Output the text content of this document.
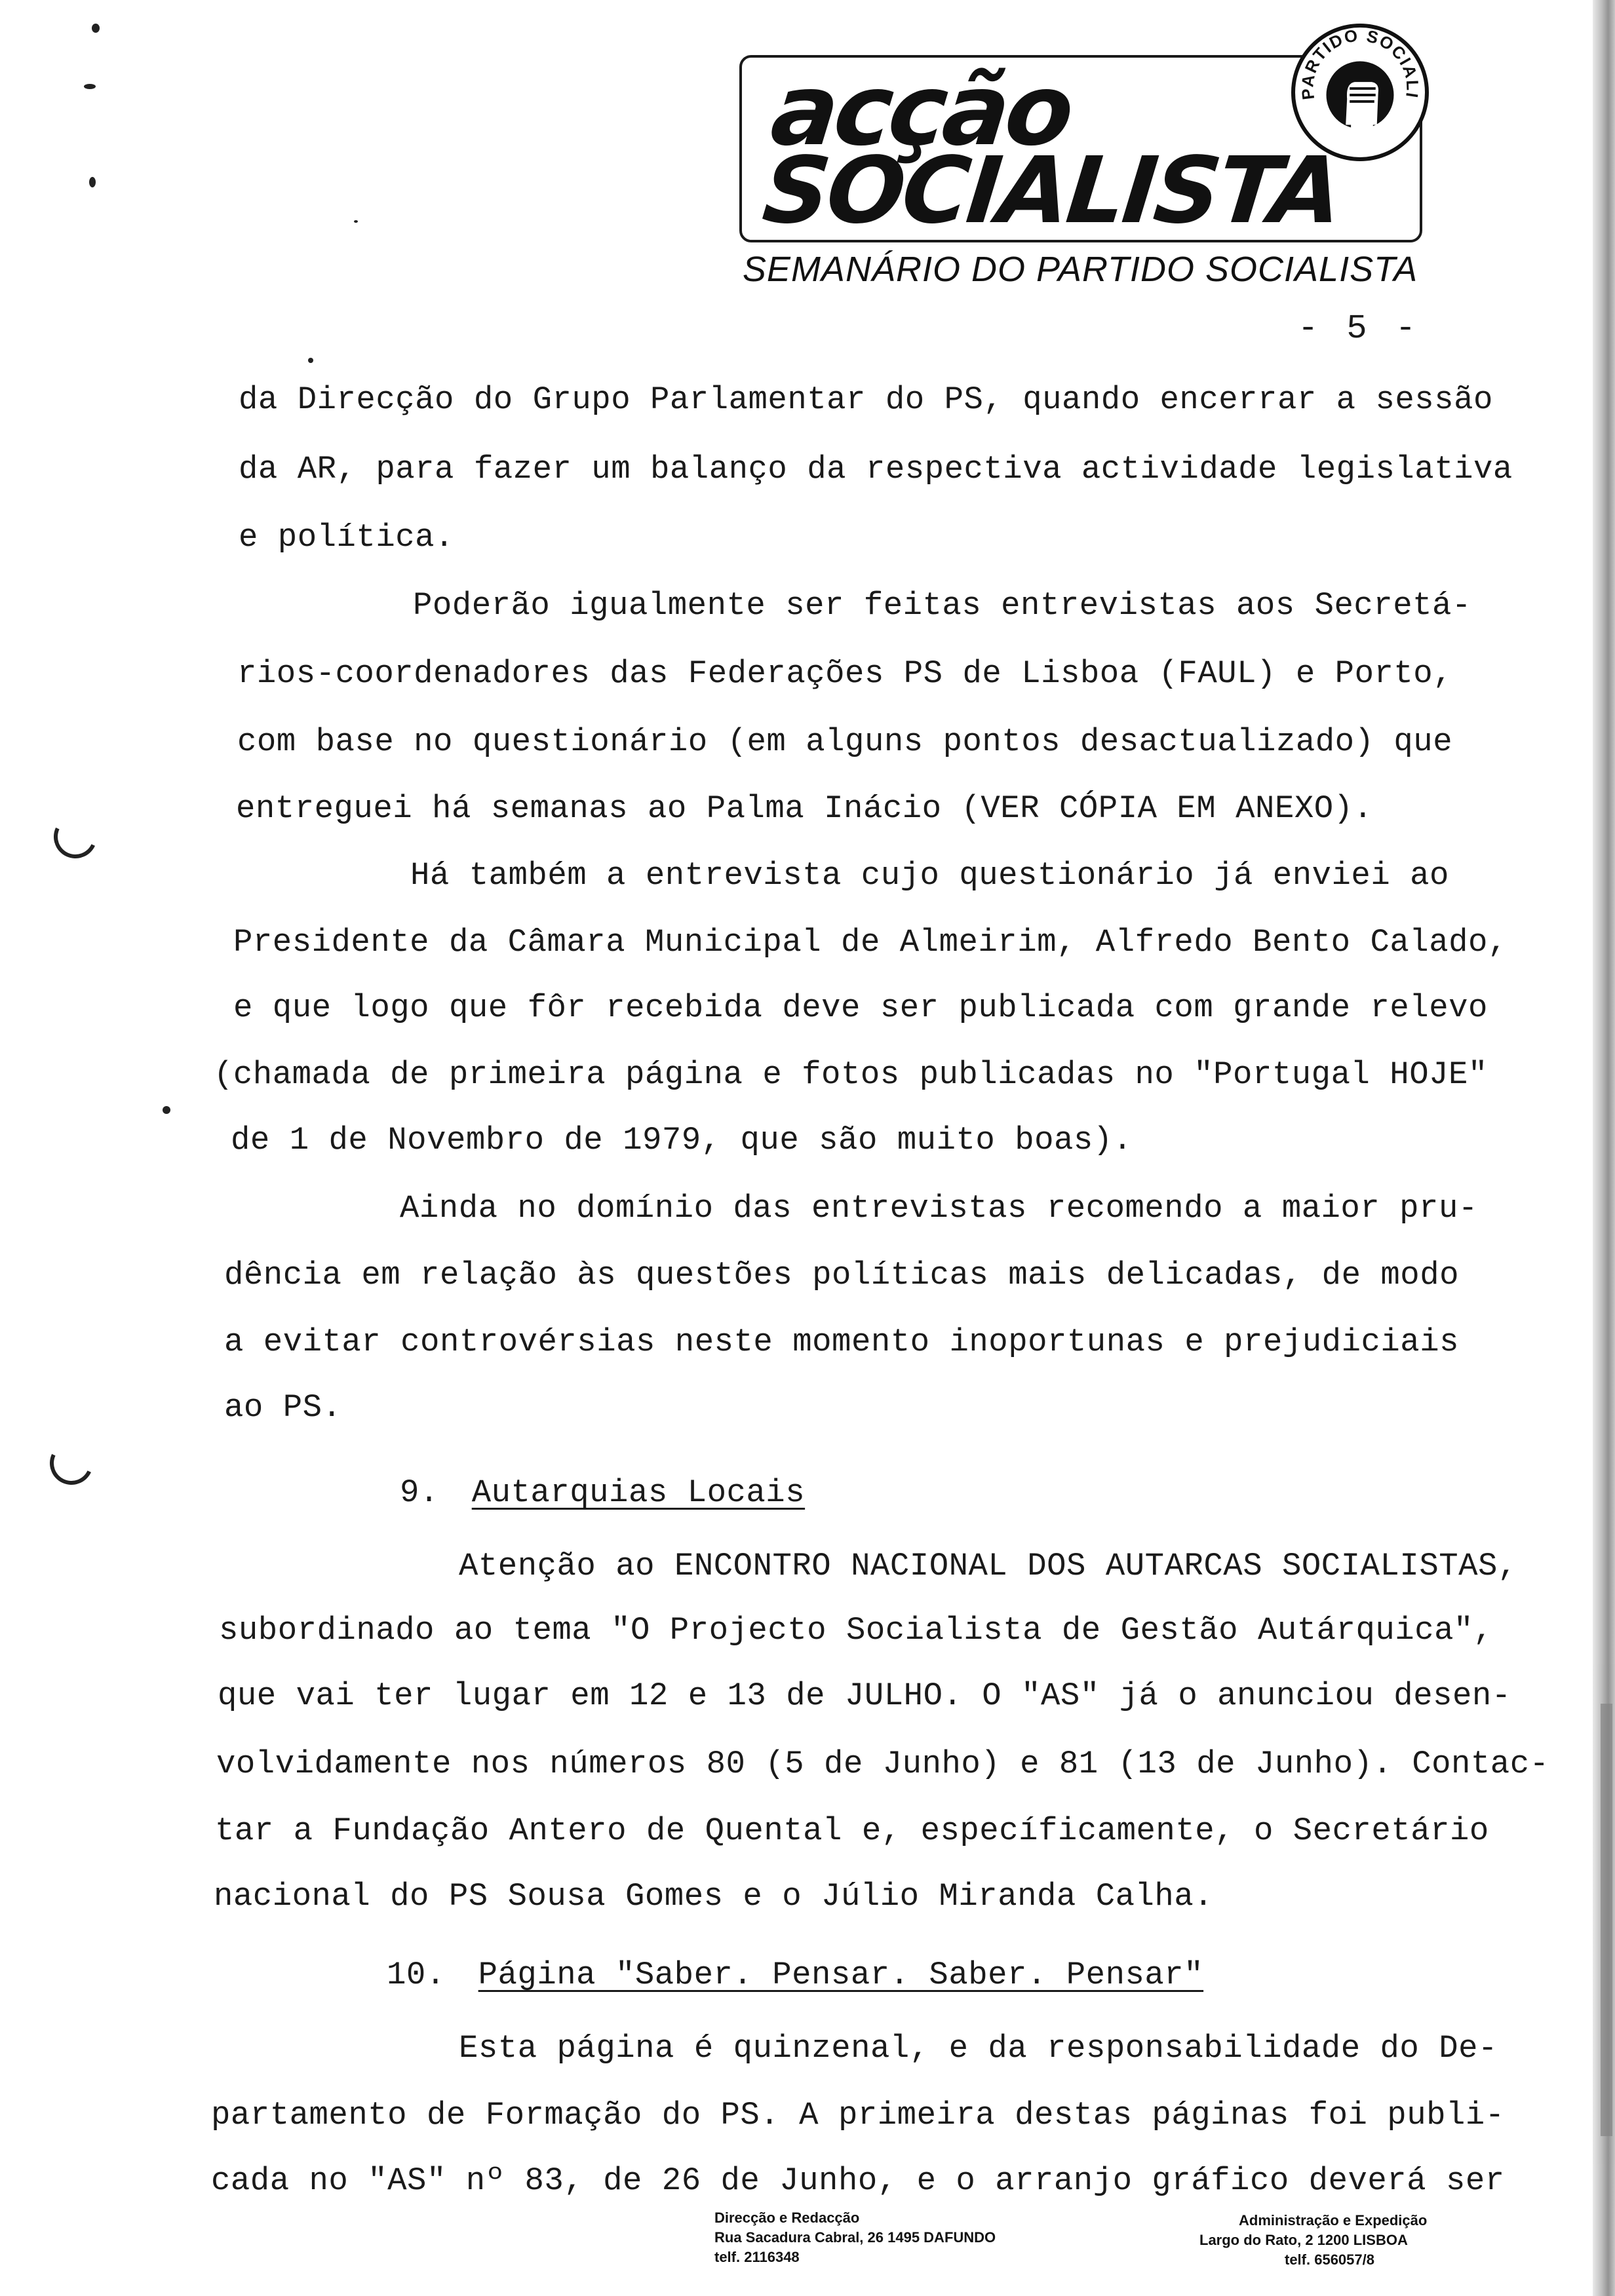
acção
SOCIALISTA
PARTIDO SOCIALI
SEMANÁRIO DO PARTIDO SOCIALISTA
- 5 -
da Direcção do Grupo Parlamentar do PS, quando encerrar a sessão
da AR, para fazer um balanço da respectiva actividade legislativa
e política.
Poderão igualmente ser feitas entrevistas aos Secretá-
rios-coordenadores das Federações PS de Lisboa (FAUL) e Porto,
com base no questionário (em alguns pontos desactualizado) que
entreguei há semanas ao Palma Inácio (VER CÓPIA EM ANEXO).
Há também a entrevista cujo questionário já enviei ao
Presidente da Câmara Municipal de Almeirim, Alfredo Bento Calado,
e que logo que fôr recebida deve ser publicada com grande relevo
(chamada de primeira página e fotos publicadas no "Portugal HOJE"
de 1 de Novembro de 1979, que são muito boas).
Ainda no domínio das entrevistas recomendo a maior pru-
dência em relação às questões políticas mais delicadas, de modo
a evitar controvérsias neste momento inoportunas e prejudiciais
ao PS.
9. Autarquias Locais
Atenção ao ENCONTRO NACIONAL DOS AUTARCAS SOCIALISTAS,
subordinado ao tema "O Projecto Socialista de Gestão Autárquica",
que vai ter lugar em 12 e 13 de JULHO. O "AS" já o anunciou desen-
volvidamente nos números 80 (5 de Junho) e 81 (13 de Junho). Contac-
tar a Fundação Antero de Quental e, específicamente, o Secretário
nacional do PS Sousa Gomes e o Júlio Miranda Calha.
10. Página "Saber. Pensar. Saber. Pensar"
Esta página é quinzenal, e da responsabilidade do De-
partamento de Formação do PS. A primeira destas páginas foi publi-
cada no "AS" nº 83, de 26 de Junho, e o arranjo gráfico deverá ser
Direcção e Redacção
Rua Sacadura Cabral, 26 1495 DAFUNDO
telf. 2116348
Administração e Expedição
Largo do Rato, 2 1200 LISBOA
telf. 656057/8
